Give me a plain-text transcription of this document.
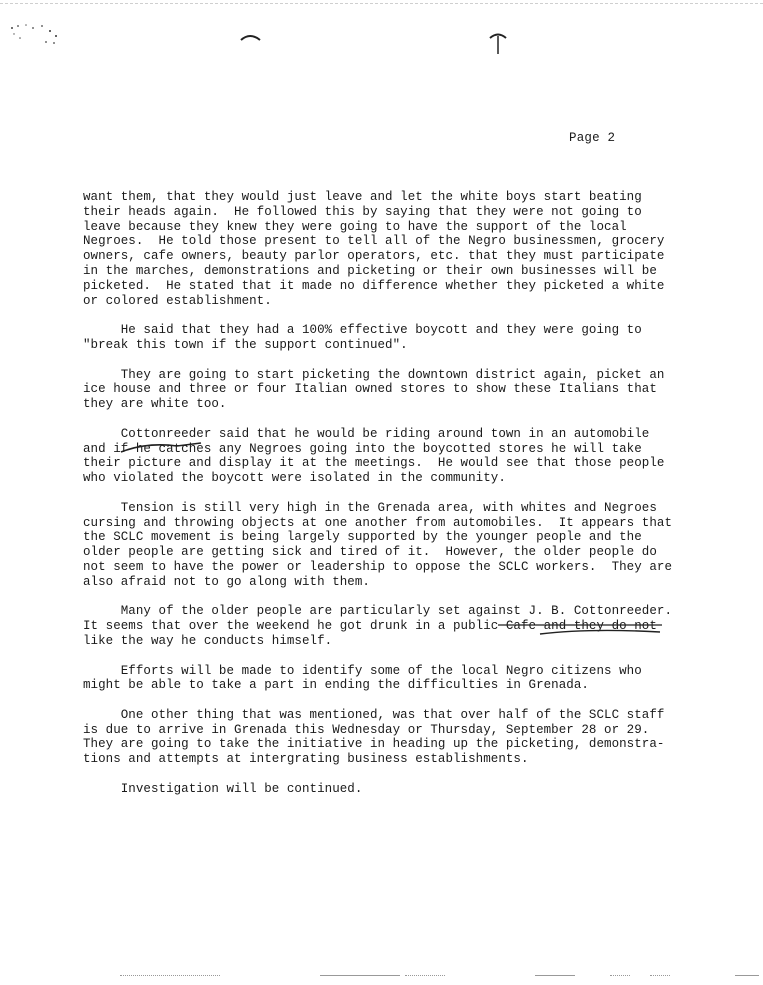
Page 2
want them, that they would just leave and let the white boys start beating
their heads again.  He followed this by saying that they were not going to
leave because they knew they were going to have the support of the local
Negroes.  He told those present to tell all of the Negro businessmen, grocery
owners, cafe owners, beauty parlor operators, etc. that they must participate
in the marches, demonstrations and picketing or their own businesses will be
picketed.  He stated that it made no difference whether they picketed a white
or colored establishment.
He said that they had a 100% effective boycott and they were going to
"break this town if the support continued".
They are going to start picketing the downtown district again, picket an
ice house and three or four Italian owned stores to show these Italians that
they are white too.
Cottonreeder said that he would be riding around town in an automobile
and if he catches any Negroes going into the boycotted stores he will take
their picture and display it at the meetings.  He would see that those people
who violated the boycott were isolated in the community.
Tension is still very high in the Grenada area, with whites and Negroes
cursing and throwing objects at one another from automobiles.  It appears that
the SCLC movement is being largely supported by the younger people and the
older people are getting sick and tired of it.  However, the older people do
not seem to have the power or leadership to oppose the SCLC workers.  They are
also afraid not to go along with them.
Many of the older people are particularly set against J. B. Cottonreeder.
It seems that over the weekend he got drunk in a public Cafe and they do not
like the way he conducts himself.
Efforts will be made to identify some of the local Negro citizens who
might be able to take a part in ending the difficulties in Grenada.
One other thing that was mentioned, was that over half of the SCLC staff
is due to arrive in Grenada this Wednesday or Thursday, September 28 or 29.
They are going to take the initiative in heading up the picketing, demonstra-
tions and attempts at intergrating business establishments.
Investigation will be continued.
